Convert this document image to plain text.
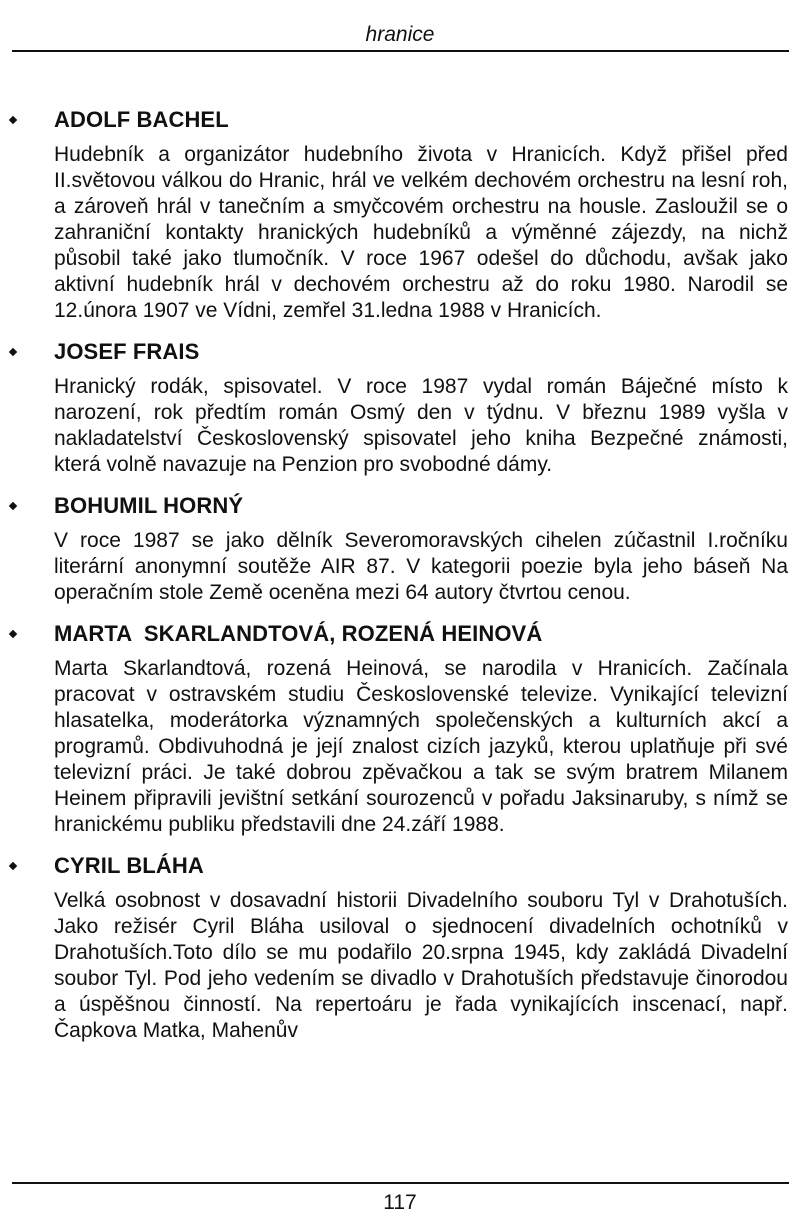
hranice
ADOLF BACHEL
Hudebník a organizátor hudebního života v Hranicích. Když přišel před II.světovou válkou do Hranic, hrál ve velkém dechovém orchestru na lesní roh, a zároveň hrál v tanečním a smyčcovém orchestru na housle. Zasloužil se o zahraniční kontakty hranických hudebníků a výměnné zájezdy, na nichž působil také jako tlumočník. V roce 1967 odešel do důchodu, avšak jako aktivní hudebník hrál v dechovém orchestru až do roku 1980. Narodil se 12.února 1907 ve Vídni, zemřel 31.ledna 1988 v Hranicích.
JOSEF FRAIS
Hranický rodák, spisovatel. V roce 1987 vydal román Báječné místo k narození, rok předtím román Osmý den v týdnu. V březnu 1989 vyšla v nakladatelství Československý spisovatel jeho kniha Bezpečné známosti, která volně navazuje na Penzion pro svobodné dámy.
BOHUMIL HORNÝ
V roce 1987 se jako dělník Severomoravských cihelen zúčastnil I.ročníku literární anonymní soutěže AIR 87. V kategorii poezie byla jeho báseň Na operačním stole Země oceněna mezi 64 autory čtvrtou cenou.
MARTA  SKARLANDTOVÁ, ROZENÁ HEINOVÁ
Marta Skarlandtová, rozená Heinová, se narodila v Hranicích. Začínala pracovat v ostravském studiu Československé televize. Vynikající televizní hlasatelka, moderátorka významných společenských a kulturních akcí a programů. Obdivuhodná je její znalost cizích jazyků, kterou uplatňuje při své televizní práci. Je také dobrou zpěvačkou a tak se svým bratrem Milanem Heinem připravili jevištní setkání sourozenců v pořadu Jaksinaruby, s nímž se hranickému publiku představili dne 24.září 1988.
CYRIL BLÁHA
Velká osobnost v dosavadní historii Divadelního souboru Tyl v Drahotuších. Jako režisér Cyril Bláha usiloval o sjednocení divadelních ochotníků v Drahotuších.Toto dílo se mu podařilo 20.srpna 1945, kdy zakládá Divadelní soubor Tyl. Pod jeho vedením se divadlo v Drahotuších představuje činorodou a úspěšnou činností. Na repertoáru je řada vynikajících inscenací, např. Čapkova Matka, Mahenův
117
